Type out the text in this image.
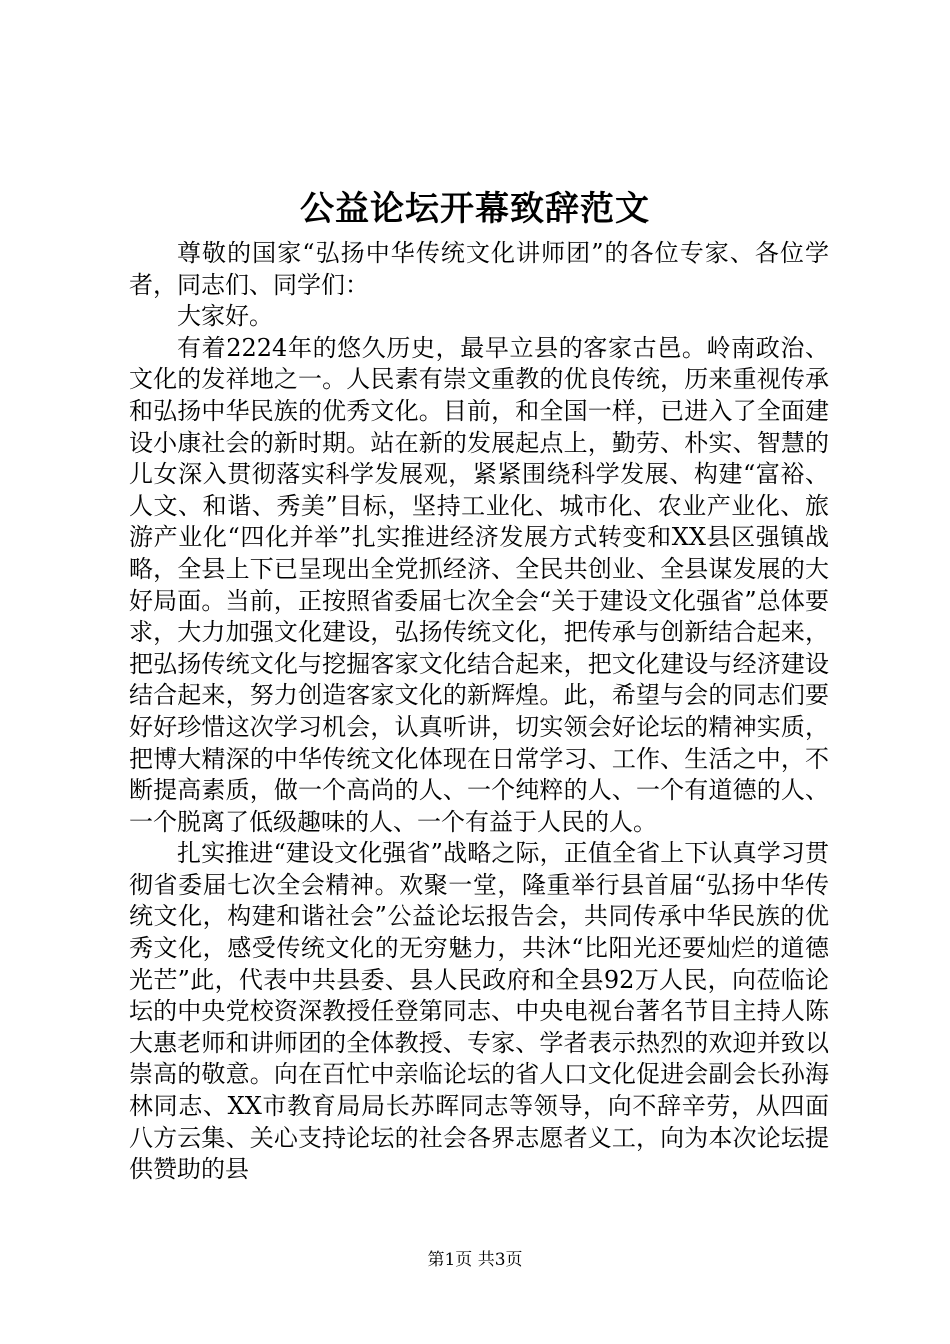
公益论坛开幕致辞范文

尊敬的国家“弘扬中华传统文化讲师团”的各位专家、各位学者，同志们、同学们：

大家好。

有着2224年的悠久历史，最早立县的客家古邑。岭南政治、文化的发祥地之一。人民素有崇文重教的优良传统，历来重视传承和弘扬中华民族的优秀文化。目前，和全国一样，已进入了全面建设小康社会的新时期。站在新的发展起点上，勤劳、朴实、智慧的儿女深入贯彻落实科学发展观，紧紧围绕科学发展、构建“富裕、人文、和谐、秀美”目标，坚持工业化、城市化、农业产业化、旅游产业化“四化并举”扎实推进经济发展方式转变和XX县区强镇战略，全县上下已呈现出全党抓经济、全民共创业、全县谋发展的大好局面。当前，正按照省委届七次全会“关于建设文化强省”总体要求，大力加强文化建设，弘扬传统文化，把传承与创新结合起来，把弘扬传统文化与挖掘客家文化结合起来，把文化建设与经济建设结合起来，努力创造客家文化的新辉煌。此，希望与会的同志们要好好珍惜这次学习机会，认真听讲，切实领会好论坛的精神实质，把博大精深的中华传统文化体现在日常学习、工作、生活之中，不断提高素质，做一个高尚的人、一个纯粹的人、一个有道德的人、一个脱离了低级趣味的人、一个有益于人民的人。

扎实推进“建设文化强省”战略之际，正值全省上下认真学习贯彻省委届七次全会精神。欢聚一堂，隆重举行县首届“弘扬中华传统文化，构建和谐社会”公益论坛报告会，共同传承中华民族的优秀文化，感受传统文化的无穷魅力，共沐“比阳光还要灿烂的道德光芒”此，代表中共县委、县人民政府和全县92万人民，向莅临论坛的中央党校资深教授任登第同志、中央电视台著名节目主持人陈大惠老师和讲师团的全体教授、专家、学者表示热烈的欢迎并致以崇高的敬意。向在百忙中亲临论坛的省人口文化促进会副会长孙海林同志、XX市教育局局长苏晖同志等领导，向不辞辛劳，从四面八方云集、关心支持论坛的社会各界志愿者义工，向为本次论坛提供赞助的县

第1页 共3页
